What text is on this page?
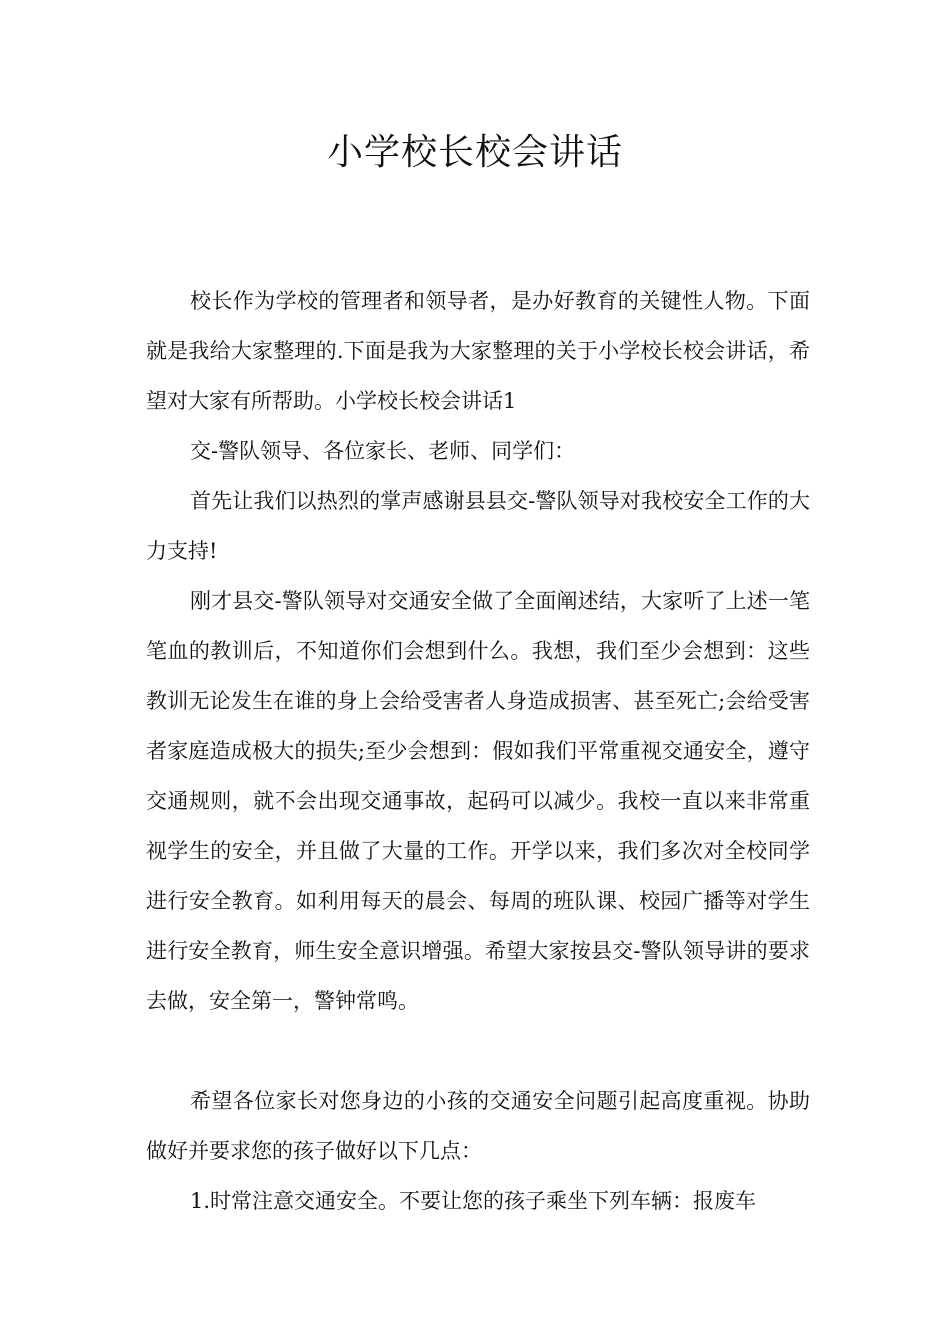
小学校长校会讲话

校长作为学校的管理者和领导者，是办好教育的关键性人物。下面就是我给大家整理的.下面是我为大家整理的关于小学校长校会讲话，希望对大家有所帮助。小学校长校会讲话1

交-警队领导、各位家长、老师、同学们：

首先让我们以热烈的掌声感谢县县交-警队领导对我校安全工作的大力支持!

刚才县交-警队领导对交通安全做了全面阐述结，大家听了上述一笔笔血的教训后，不知道你们会想到什么。我想，我们至少会想到：这些教训无论发生在谁的身上会给受害者人身造成损害、甚至死亡;会给受害者家庭造成极大的损失;至少会想到：假如我们平常重视交通安全，遵守交通规则，就不会出现交通事故，起码可以减少。我校一直以来非常重视学生的安全，并且做了大量的工作。开学以来，我们多次对全校同学进行安全教育。如利用每天的晨会、每周的班队课、校园广播等对学生进行安全教育，师生安全意识增强。希望大家按县交-警队领导讲的要求去做，安全第一，警钟常鸣。

希望各位家长对您身边的小孩的交通安全问题引起高度重视。协助做好并要求您的孩子做好以下几点：

1.时常注意交通安全。不要让您的孩子乘坐下列车辆：报废车
